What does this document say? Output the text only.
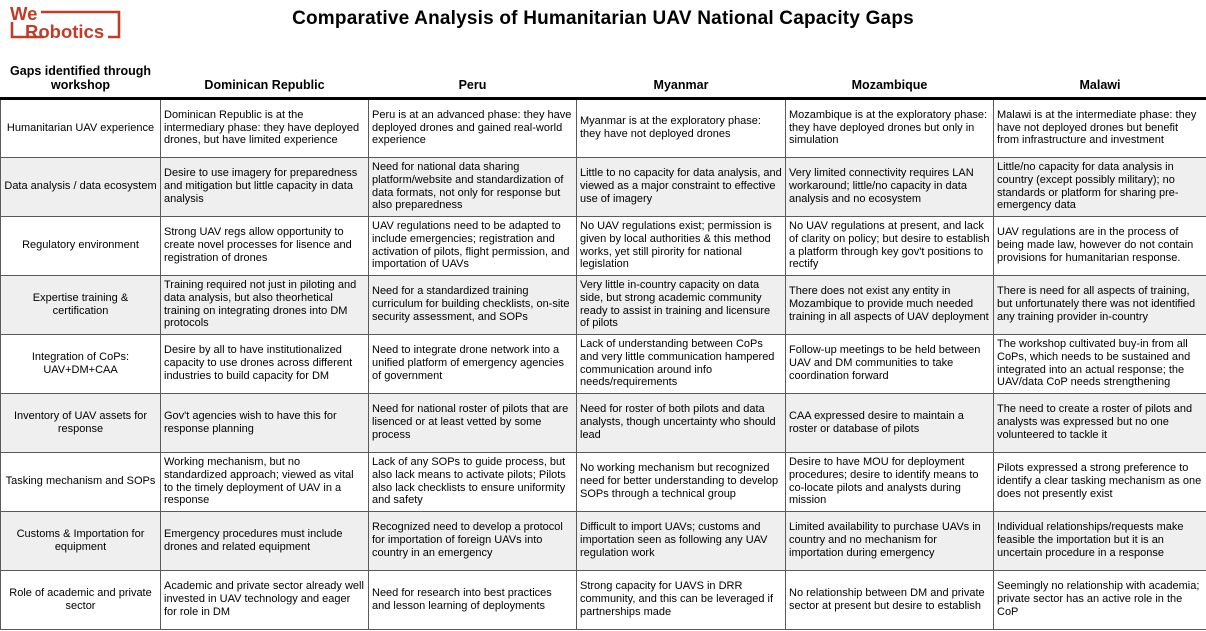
We
Robotics
Comparative Analysis of Humanitarian UAV National Capacity Gaps
Gaps identified through workshop	Dominican Republic	Peru	Myanmar	Mozambique	Malawi
Humanitarian UAV experience	Dominican Republic is at the intermediary phase: they have deployed drones, but have limited experience	Peru is at an advanced phase: they have deployed drones and gained real-world experience	Myanmar is at the exploratory phase: they have not deployed drones	Mozambique is at the exploratory phase: they have deployed drones but only in simulation	Malawi is at the intermediate phase: they have not deployed drones but benefit from infrastructure and investment
Data analysis / data ecosystem	Desire to use imagery for preparedness and mitigation but little capacity in data analysis	Need for national data sharing platform/website and standardization of data formats, not only for response but also preparedness	Little to no capacity for data analysis, and viewed as a major constraint to effective use of imagery	Very limited connectivity requires LAN workaround; little/no capacity in data analysis and no ecosystem	Little/no capacity for data analysis in country (except possibly military); no standards or platform for sharing pre-emergency data
Regulatory environment	Strong UAV regs allow opportunity to create novel processes for lisence and registration of drones	UAV regulations need to be adapted to include emergencies; registration and activation of pilots, flight permission, and importation of UAVs	No UAV regulations exist; permission is given by local authorities & this method works, yet still pirority for national legislation	No UAV regulations at present, and lack of clarity on policy; but desire to establish a platform through key gov't positions to rectify	UAV regulations are in the process of being made law, however do not contain provisions for humanitarian response.
Expertise training & certification	Training required not just in piloting and data analysis, but also theorhetical training on integrating drones into DM protocols	Need for a standardized training curriculum for building checklists, on-site security assessment, and SOPs	Very little in-country capacity on data side, but strong academic community ready to assist in training and licensure of pilots	There does not exist any entity in Mozambique to provide much needed training in all aspects of UAV deployment	There is need for all aspects of training, but unfortunately there was not identified any training provider in-country
Integration of CoPs: UAV+DM+CAA	Desire by all to have institutionalized capacity to use drones across different industries to build capacity for DM	Need to integrate drone network into a unified platform of emergency agencies of government	Lack of understanding between CoPs and very little communication hampered communication around info needs/requirements	Follow-up meetings to be held between UAV and DM communities to take coordination forward	The workshop cultivated buy-in from all CoPs, which needs to be sustained and integrated into an actual response; the UAV/data CoP needs strengthening
Inventory of UAV assets for response	Gov't agencies wish to have this for response planning	Need for national roster of pilots that are lisenced or at least vetted by some process	Need for roster of both pilots and data analysts, though uncertainty who should lead	CAA expressed desire to maintain a roster or database of pilots	The need to create a roster of pilots and analysts was expressed but no one volunteered to tackle it
Tasking mechanism and SOPs	Working mechanism, but no standardized approach; viewed as vital to the timely deployment of UAV in a response	Lack of any SOPs to guide process, but also lack means to activate pilots; Pilots also lack checklists to ensure uniformity and safety	No working mechanism but recognized need for better understanding to develop SOPs through a technical group	Desire to have MOU for deployment procedures; desire to identify means to co-locate pilots and analysts during mission	Pilots expressed a strong preference to identify a clear tasking mechanism as one does not presently exist
Customs & Importation for equipment	Emergency procedures must include drones and related equipment	Recognized need to develop a protocol for importation of foreign UAVs into country in an emergency	Difficult to import UAVs; customs and importation seen as following any UAV regulation work	Limited availability to purchase UAVs in country and no mechanism for importation during emergency	Individual relationships/requests make feasible the importation but it is an uncertain procedure in a response
Role of academic and private sector	Academic and private sector already well invested in UAV technology and eager for role in DM	Need for research into best practices and lesson learning of deployments	Strong capacity for UAVS in DRR community, and this can be leveraged if partnerships made	No relationship between DM and private sector at present but desire to establish	Seemingly no relationship with academia; private sector has an active role in the CoP
